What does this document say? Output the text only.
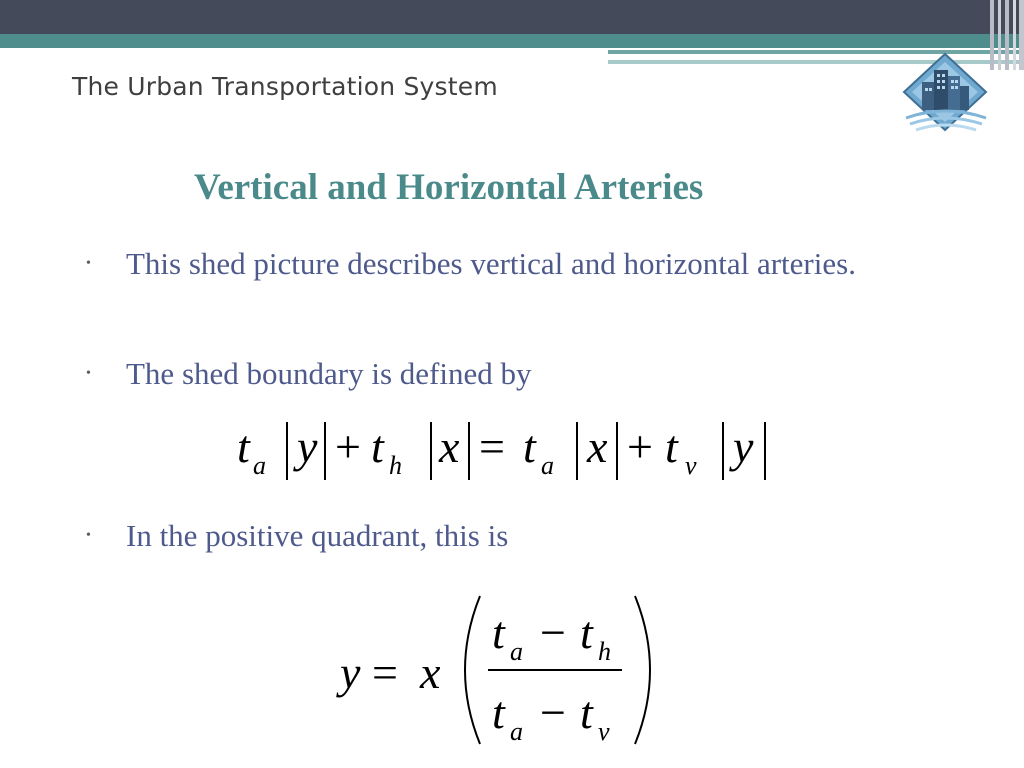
The Urban Transportation System
Vertical and Horizontal Arteries
• This shed picture describes vertical and horizontal arteries.
• The shed boundary is defined by
t a y + t h x = t a x + t v y
• In the positive quadrant, this is
y = x
t a − t h
t a − t v
